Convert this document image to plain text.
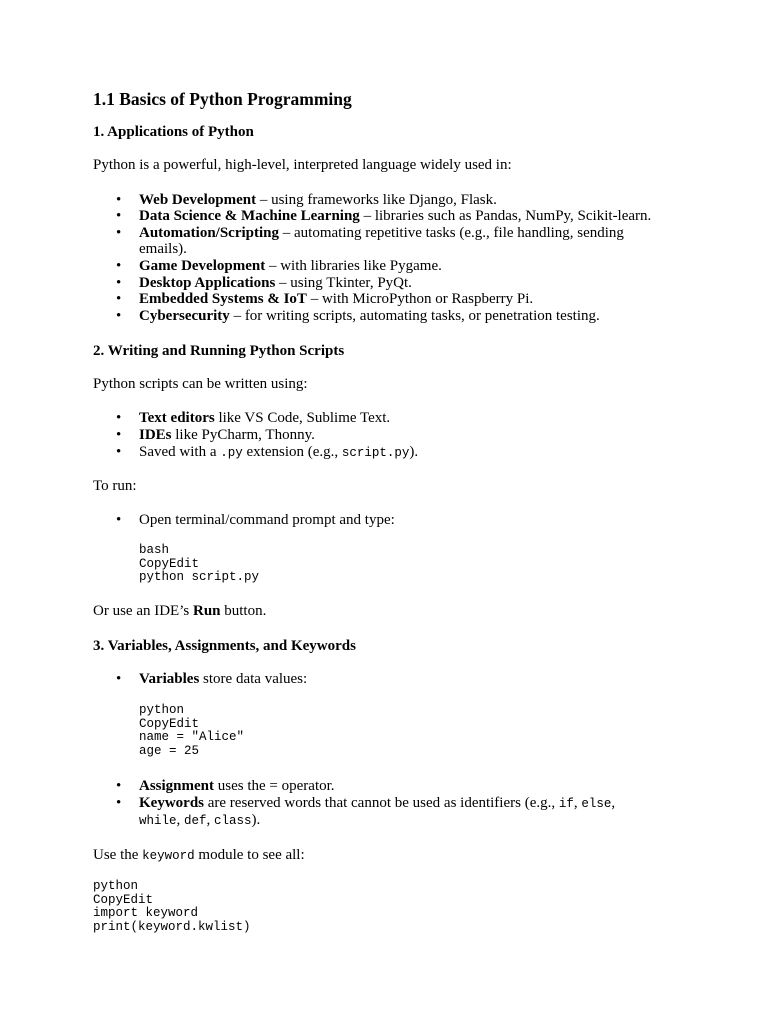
1.1 Basics of Python Programming
1. Applications of Python
Python is a powerful, high-level, interpreted language widely used in:
• Web Development – using frameworks like Django, Flask.
• Data Science & Machine Learning – libraries such as Pandas, NumPy, Scikit-learn.
• Automation/Scripting – automating repetitive tasks (e.g., file handling, sending
emails).
• Game Development – with libraries like Pygame.
• Desktop Applications – using Tkinter, PyQt.
• Embedded Systems & IoT – with MicroPython or Raspberry Pi.
• Cybersecurity – for writing scripts, automating tasks, or penetration testing.
2. Writing and Running Python Scripts
Python scripts can be written using:
• Text editors like VS Code, Sublime Text.
• IDEs like PyCharm, Thonny.
• Saved with a .py extension (e.g., script.py).
To run:
• Open terminal/command prompt and type:
bash
CopyEdit
python script.py
Or use an IDE’s Run button.
3. Variables, Assignments, and Keywords
• Variables store data values:
python
CopyEdit
name = "Alice"
age = 25
• Assignment uses the = operator.
• Keywords are reserved words that cannot be used as identifiers (e.g., if, else,
while, def, class).
Use the keyword module to see all:
python
CopyEdit
import keyword
print(keyword.kwlist)
